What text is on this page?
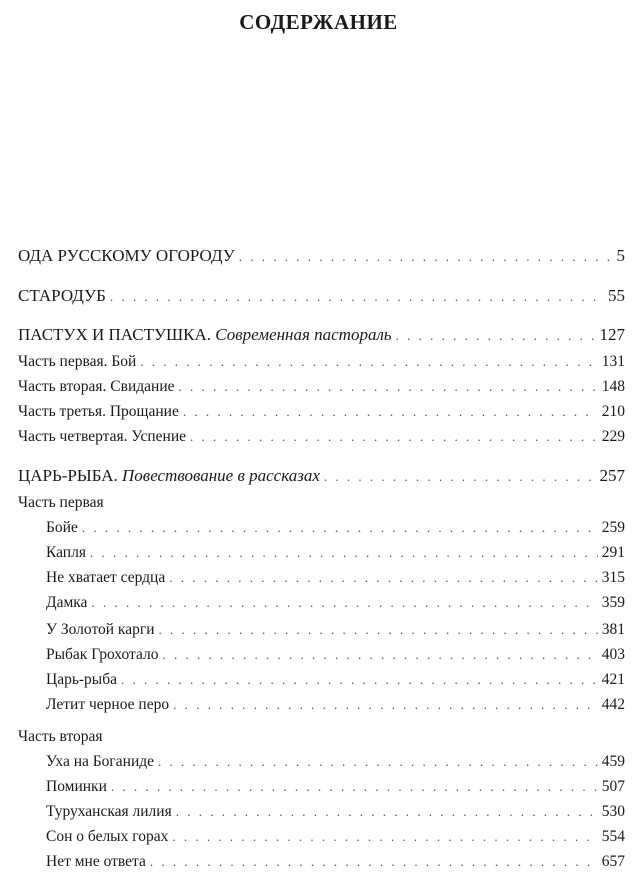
СОДЕРЖАНИЕ
ОДА РУССКОМУ ОГОРОДУ . . .	5
СТАРОДУБ . . .	55
ПАСТУХ И ПАСТУШКА. Современная пастораль . . .	127
Часть первая. Бой . . .	131
Часть вторая. Свидание . . .	148
Часть третья. Прощание . . .	210
Часть четвертая. Успение . . .	229
ЦАРЬ-РЫБА. Повествование в рассказах . . .	257
Часть первая
Бойе . . .	259
Капля . . .	291
Не хватает сердца . . .	315
Дамка . . .	359
У Золотой карги . . .	381
Рыбак Грохотало . . .	403
Царь-рыба . . .	421
Летит черное перо . . .	442
Часть вторая
Уха на Боганиде . . .	459
Поминки . . .	507
Туруханская лилия . . .	530
Сон о белых горах . . .	554
Нет мне ответа . . .	657
